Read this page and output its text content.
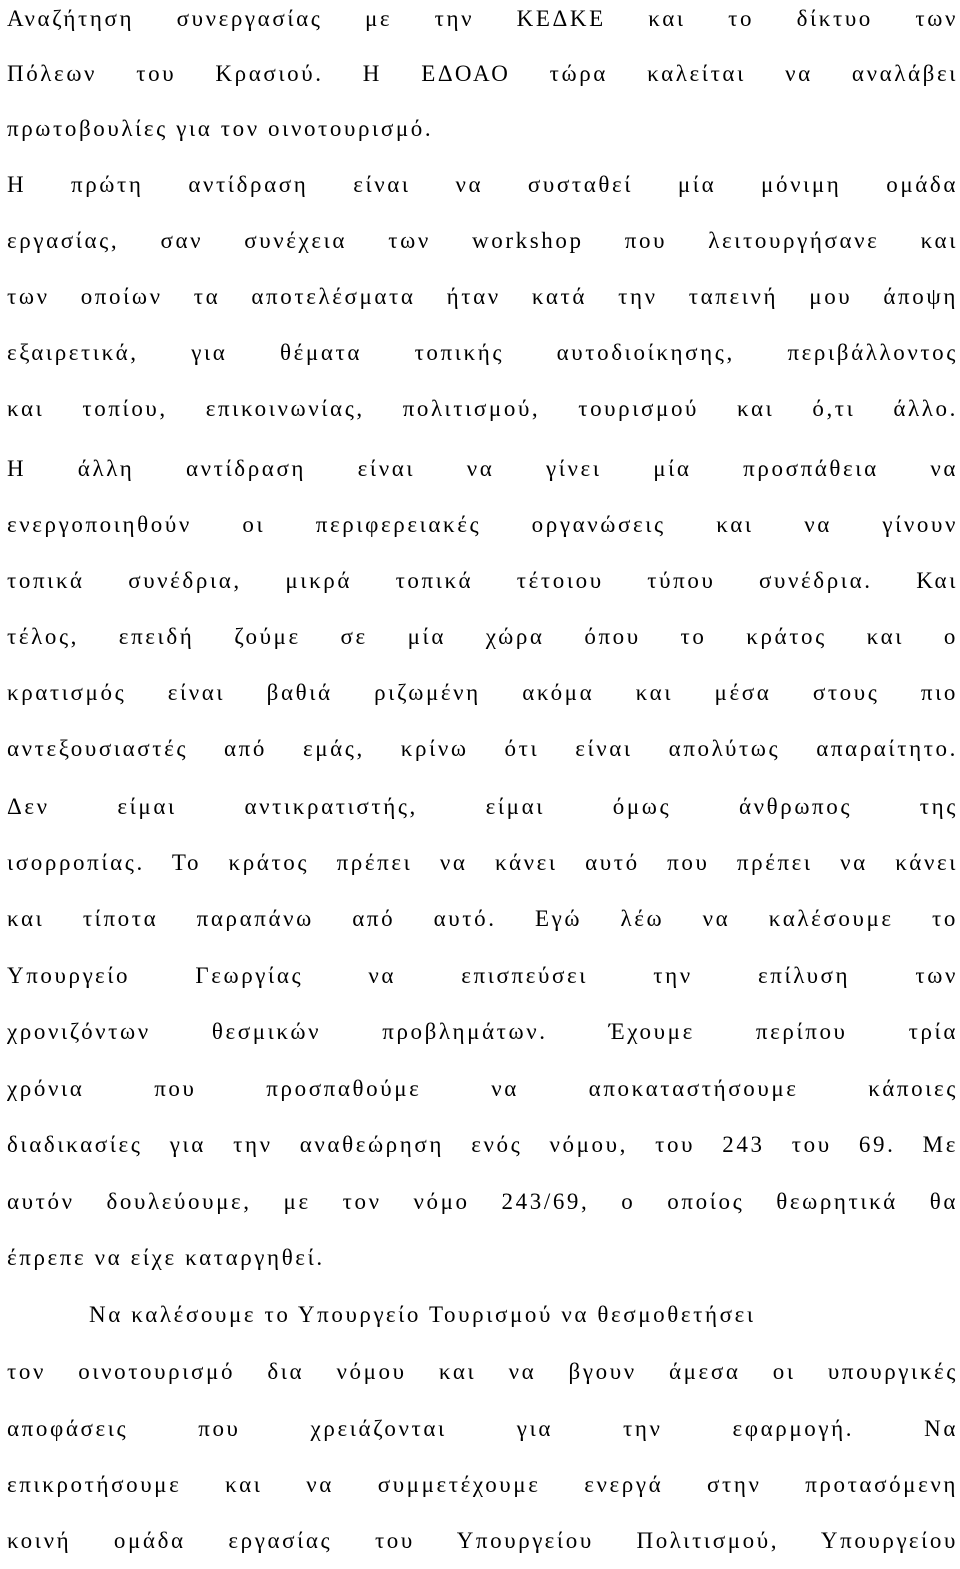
Αναζήτηση συνεργασίας με την ΚΕΔΚΕ και το δίκτυο των
Πόλεων του Κρασιού. Η ΕΔΟΑΟ τώρα καλείται να αναλάβει
πρωτοβουλίες για τον οινοτουρισμό.
Η πρώτη αντίδραση είναι να συσταθεί μία μόνιμη ομάδα
εργασίας, σαν συνέχεια των workshop που λειτουργήσανε και
των οποίων τα αποτελέσματα ήταν κατά την ταπεινή μου άποψη
εξαιρετικά, για θέματα τοπικής αυτοδιοίκησης, περιβάλλοντος
και τοπίου, επικοινωνίας, πολιτισμού, τουρισμού και ό,τι άλλο.
Η άλλη αντίδραση είναι να γίνει μία προσπάθεια να
ενεργοποιηθούν οι περιφερειακές οργανώσεις και να γίνουν
τοπικά συνέδρια, μικρά τοπικά τέτοιου τύπου συνέδρια. Και
τέλος, επειδή ζούμε σε μία χώρα όπου το κράτος και ο
κρατισμός είναι βαθιά ριζωμένη ακόμα και μέσα στους πιο
αντεξουσιαστές από εμάς, κρίνω ότι είναι απολύτως απαραίτητο.
Δεν είμαι αντικρατιστής, είμαι όμως άνθρωπος της
ισορροπίας. Το κράτος πρέπει να κάνει αυτό που πρέπει να κάνει
και τίποτα παραπάνω από αυτό. Εγώ λέω να καλέσουμε το
Υπουργείο Γεωργίας να επισπεύσει την επίλυση των
χρονιζόντων θεσμικών προβλημάτων. Έχουμε περίπου τρία
χρόνια που προσπαθούμε να αποκαταστήσουμε κάποιες
διαδικασίες για την αναθεώρηση ενός νόμου, του 243 του 69. Με
αυτόν δουλεύουμε, με τον νόμο 243/69, ο οποίος θεωρητικά θα
έπρεπε να είχε καταργηθεί.
Να καλέσουμε το Υπουργείο Τουρισμού να θεσμοθετήσει
τον οινοτουρισμό δια νόμου και να βγουν άμεσα οι υπουργικές
αποφάσεις που χρειάζονται για την εφαρμογή. Να
επικροτήσουμε και να συμμετέχουμε ενεργά στην προτασόμενη
κοινή ομάδα εργασίας του Υπουργείου Πολιτισμού, Υπουργείου
